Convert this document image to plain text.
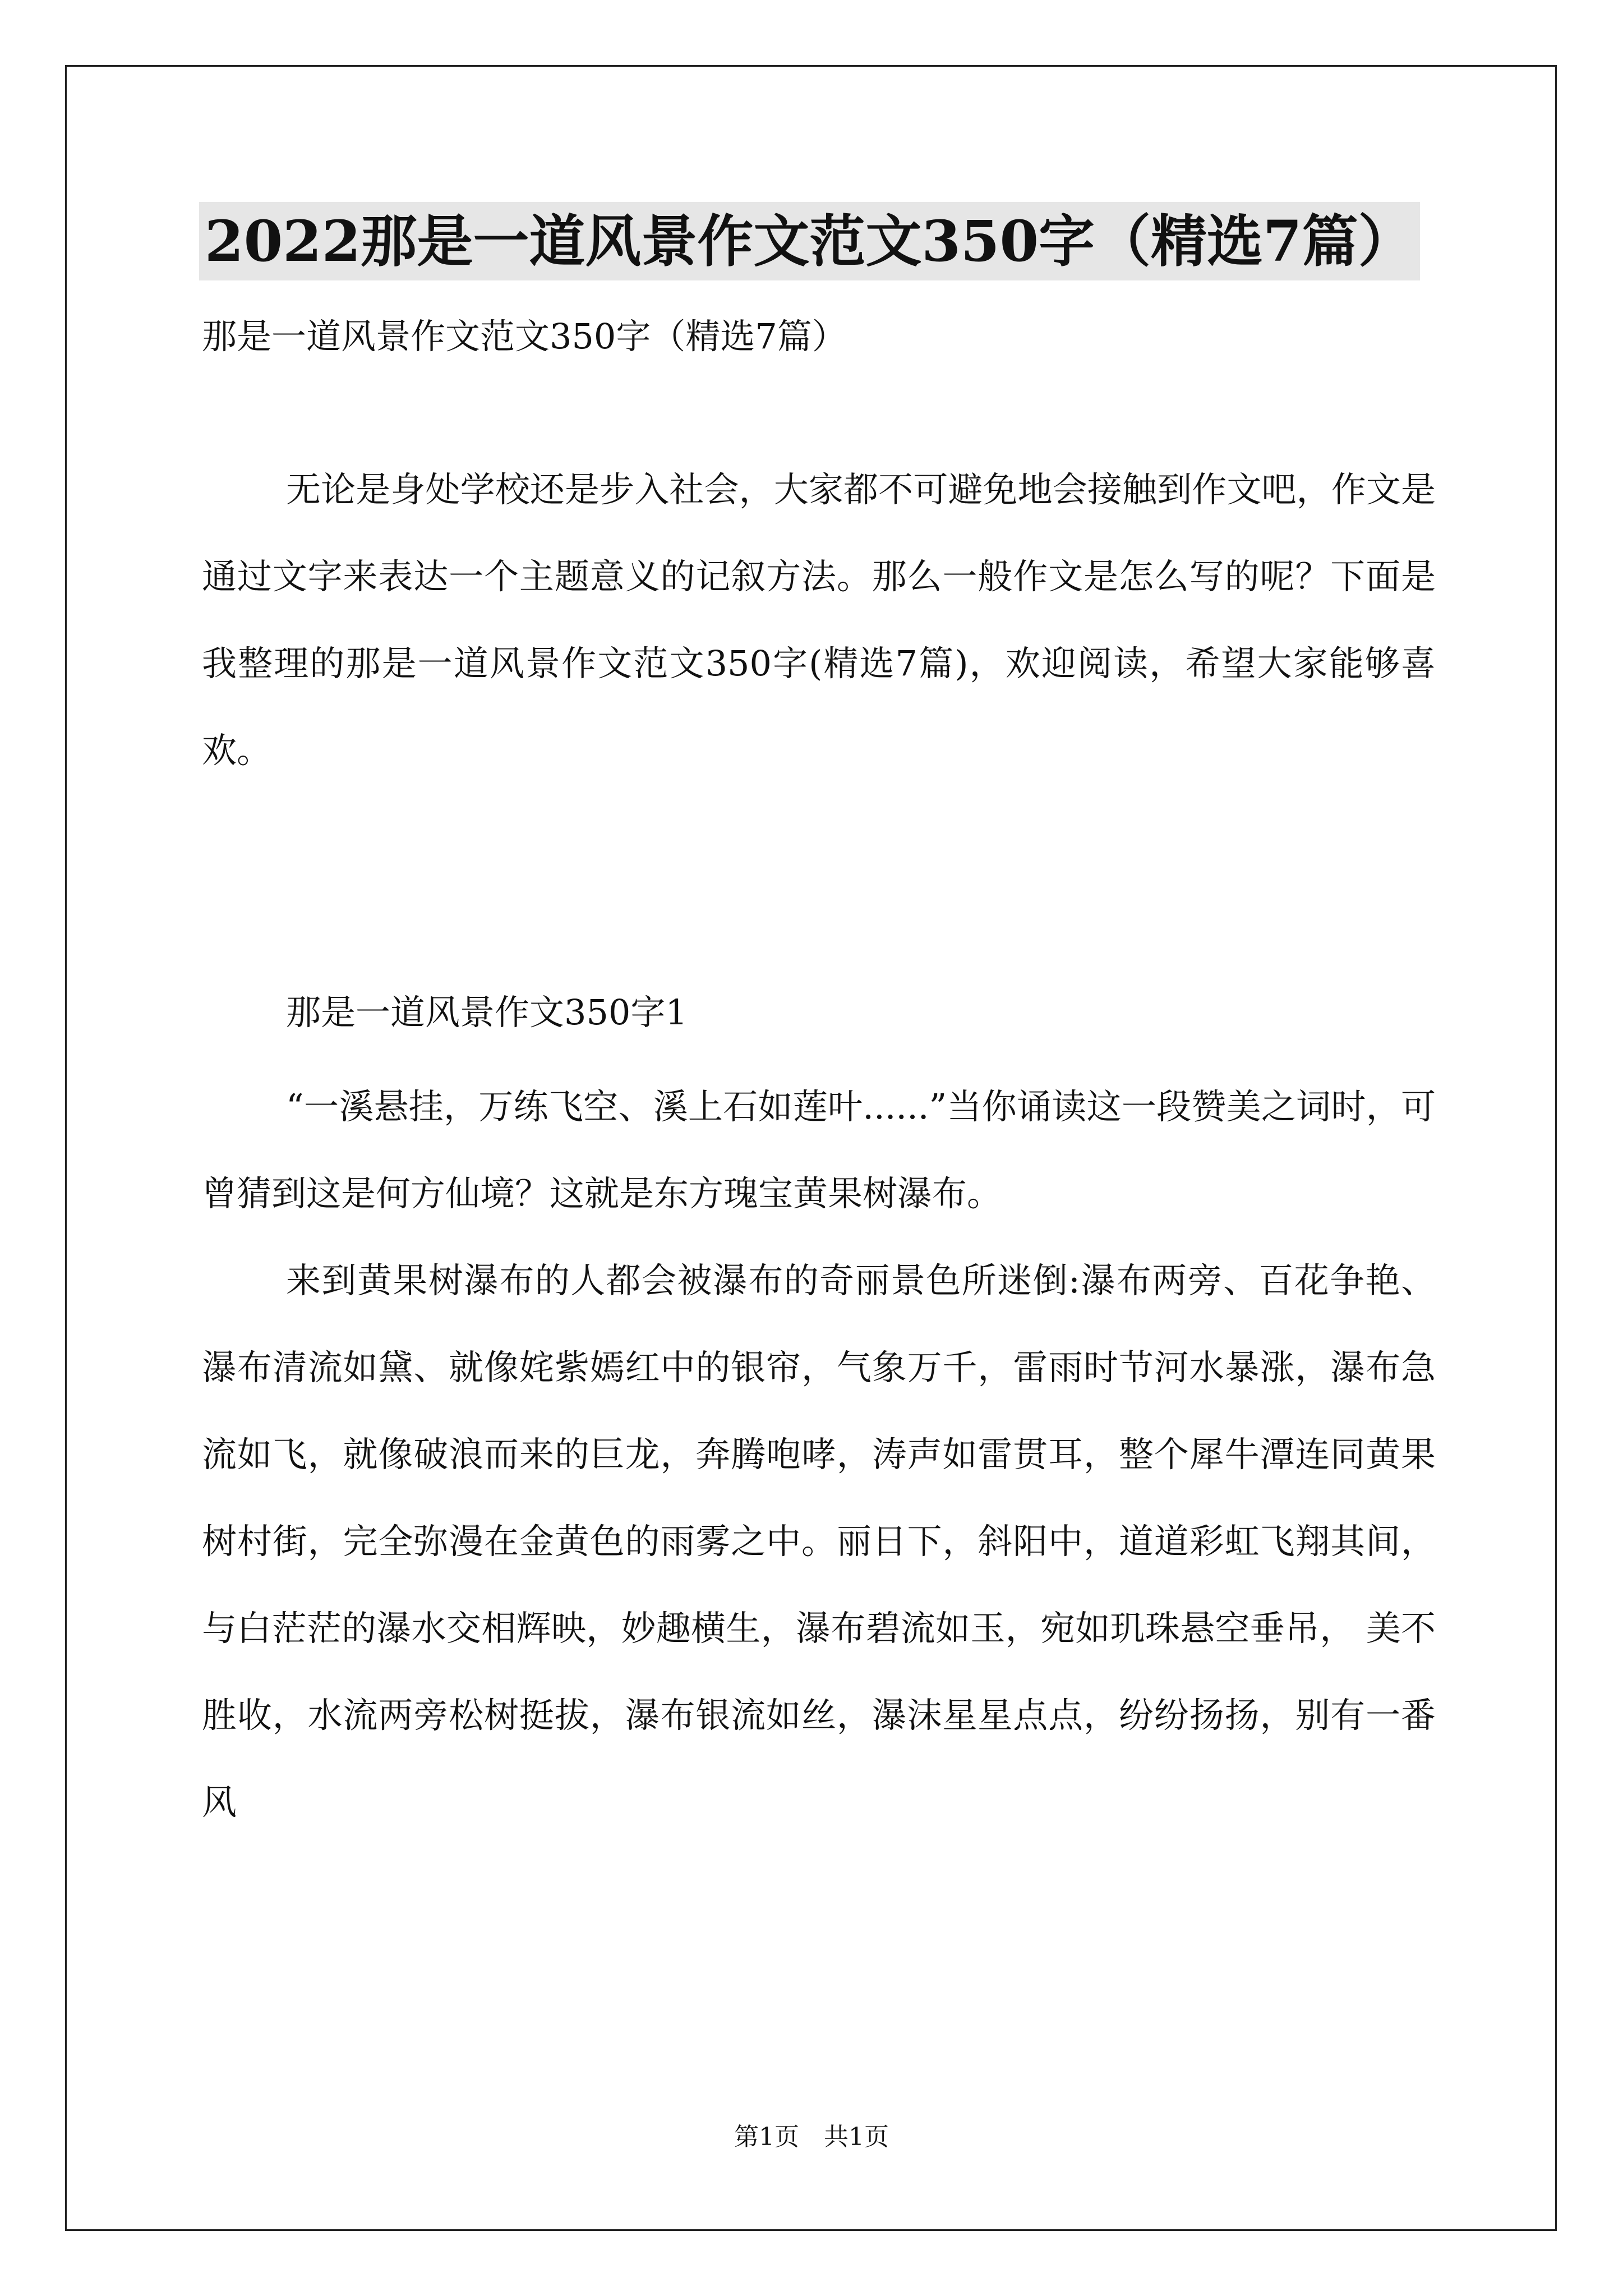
2022那是一道风景作文范文350字（精选7篇）
那是一道风景作文范文350字（精选7篇）
无论是身处学校还是步入社会，大家都不可避免地会接触到作文吧，作文是通过文字来表达一个主题意义的记叙方法。那么一般作文是怎么写的呢？下面是我整理的那是一道风景作文范文350字(精选7篇)，欢迎阅读，希望大家能够喜欢。
那是一道风景作文350字1
“一溪悬挂，万练飞空、溪上石如莲叶......”当你诵读这一段赞美之词时，可曾猜到这是何方仙境？这就是东方瑰宝黄果树瀑布。
来到黄果树瀑布的人都会被瀑布的奇丽景色所迷倒:瀑布两旁、百花争艳、瀑布清流如黛、就像姹紫嫣红中的银帘，气象万千，雷雨时节河水暴涨，瀑布急流如飞，就像破浪而来的巨龙，奔腾咆哮，涛声如雷贯耳，整个犀牛潭连同黄果树村街，完全弥漫在金黄色的雨雾之中。丽日下，斜阳中，道道彩虹飞翔其间，与白茫茫的瀑水交相辉映，妙趣横生，瀑布碧流如玉，宛如玑珠悬空垂吊， 美不胜收，水流两旁松树挺拔，瀑布银流如丝，瀑沫星星点点，纷纷扬扬，别有一番风
第1页　共1页
